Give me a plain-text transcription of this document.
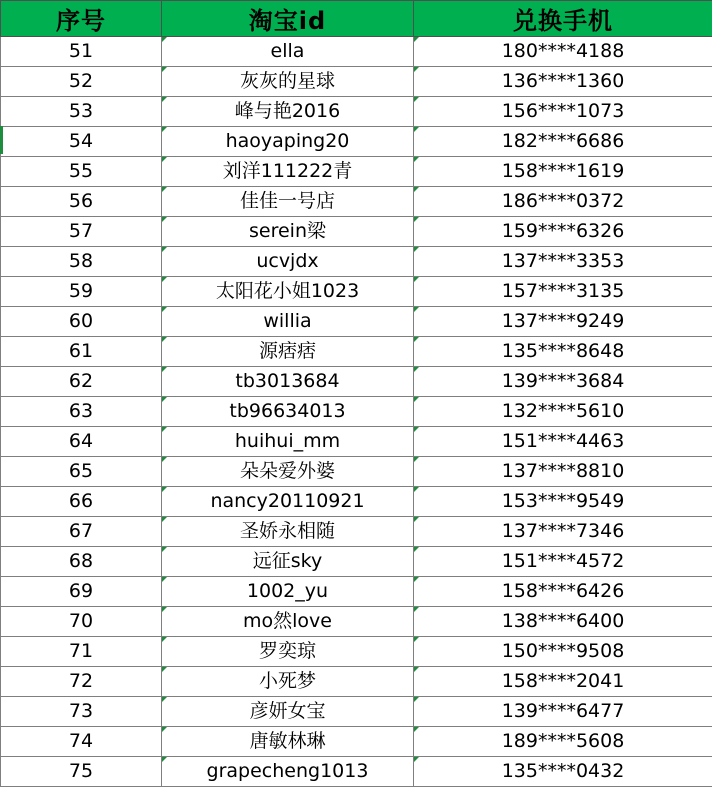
序号	淘宝id	兑换手机
51	ella	180****4188
52	灰灰的星球	136****1360
53	峰与艳2016	156****1073
54	haoyaping20	182****6686
55	刘洋111222青	158****1619
56	佳佳一号店	186****0372
57	serein梁	159****6326
58	ucvjdx	137****3353
59	太阳花小姐1023	157****3135
60	willia	137****9249
61	源痞痞	135****8648
62	tb3013684	139****3684
63	tb96634013	132****5610
64	huihui_mm	151****4463
65	朵朵爱外婆	137****8810
66	nancy20110921	153****9549
67	圣娇永相随	137****7346
68	远征sky	151****4572
69	1002_yu	158****6426
70	mo然love	138****6400
71	罗奕琼	150****9508
72	小死梦	158****2041
73	彦妍女宝	139****6477
74	唐敏林琳	189****5608
75	grapecheng1013	135****0432
